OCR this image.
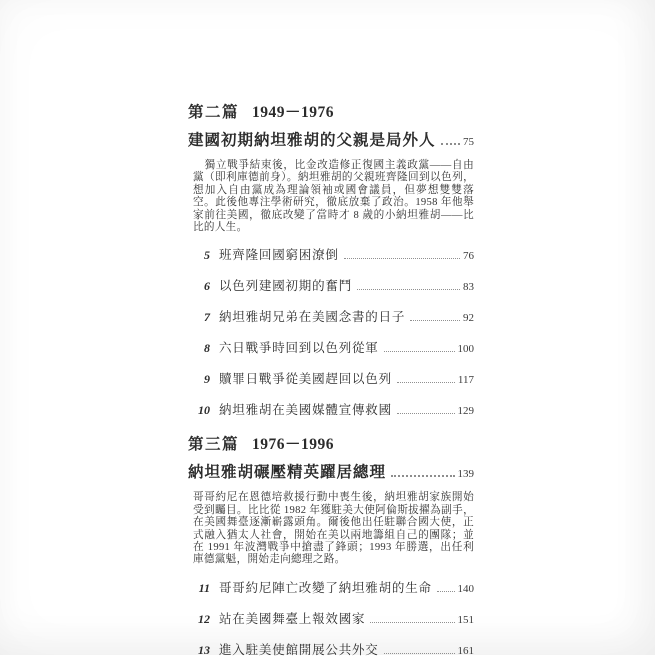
第二篇 1949－1976
建國初期納坦雅胡的父親是局外人 75

獨立戰爭結束後，比金改造修正復國主義政黨——自由黨（即利庫德前身）。納坦雅胡的父親班齊隆回到以色列，想加入自由黨成為理論領袖或國會議員，但夢想雙雙落空。此後他專注學術研究，徹底放棄了政治。1958 年他舉家前往美國，徹底改變了當時才 8 歲的小納坦雅胡——比比的人生。

5 班齊隆回國窮困潦倒	76
6 以色列建國初期的奮鬥	83
7 納坦雅胡兄弟在美國念書的日子	92
8 六日戰爭時回到以色列從軍	100
9 贖罪日戰爭從美國趕回以色列	117
10 納坦雅胡在美國媒體宣傳救國	129
第三篇 1976－1996
納坦雅胡碾壓精英躍居總理	139

哥哥約尼在恩德培救援行動中喪生後，納坦雅胡家族開始受到矚目。比比從 1982 年獲駐美大使阿倫斯拔擢為副手，在美國舞臺逐漸嶄露頭角。爾後他出任駐聯合國大使，正式融入猶太人社會，開始在美以兩地籌組自己的團隊；並在 1991 年波灣戰爭中搶盡了鋒頭；1993 年勝選，出任利庫德黨魁，開始走向總理之路。

11 哥哥約尼陣亡改變了納坦雅胡的生命 140
12 站在美國舞臺上報效國家	151
13 進入駐美使館開展公共外交	161
